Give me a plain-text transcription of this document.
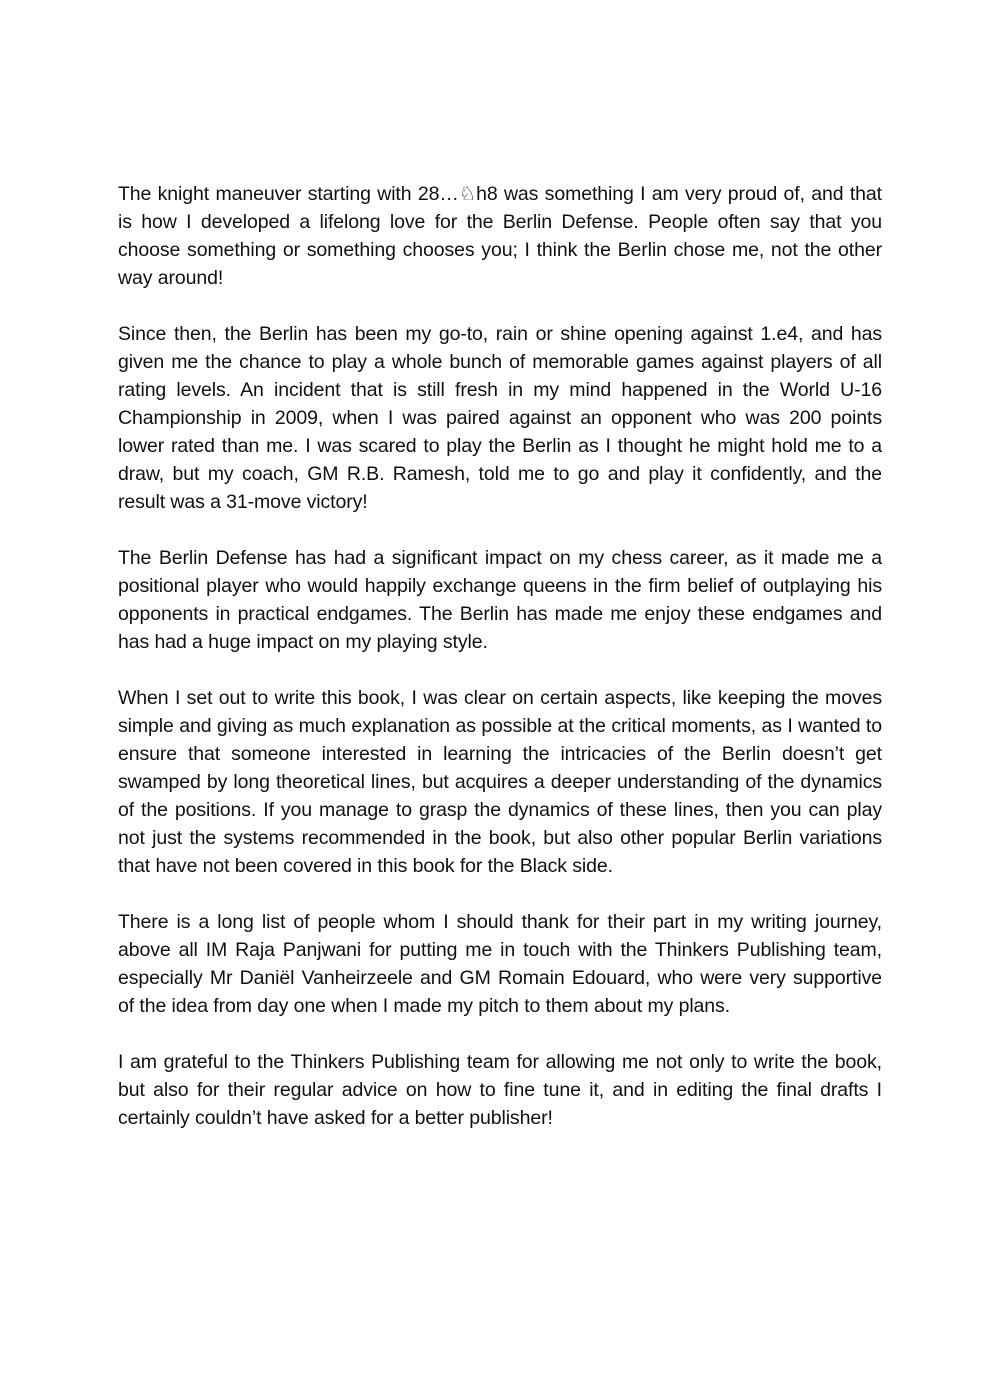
The knight maneuver starting with 28…♘h8 was something I am very proud of, and that is how I developed a lifelong love for the Berlin Defense. People often say that you choose something or something chooses you; I think the Berlin chose me, not the other way around!

Since then, the Berlin has been my go-to, rain or shine opening against 1.e4, and has given me the chance to play a whole bunch of memorable games against players of all rating levels. An incident that is still fresh in my mind happened in the World U-16 Championship in 2009, when I was paired against an opponent who was 200 points lower rated than me. I was scared to play the Berlin as I thought he might hold me to a draw, but my coach, GM R.B. Ramesh, told me to go and play it confidently, and the result was a 31-move victory!

The Berlin Defense has had a significant impact on my chess career, as it made me a positional player who would happily exchange queens in the firm belief of outplaying his opponents in practical endgames. The Berlin has made me enjoy these endgames and has had a huge impact on my playing style.

When I set out to write this book, I was clear on certain aspects, like keeping the moves simple and giving as much explanation as possible at the critical moments, as I wanted to ensure that someone interested in learning the intricacies of the Berlin doesn’t get swamped by long theoretical lines, but acquires a deeper understanding of the dynamics of the positions. If you manage to grasp the dynamics of these lines, then you can play not just the systems recommended in the book, but also other popular Berlin variations that have not been covered in this book for the Black side.

There is a long list of people whom I should thank for their part in my writing journey, above all IM Raja Panjwani for putting me in touch with the Thinkers Publishing team, especially Mr Daniël Vanheirzeele and GM Romain Edouard, who were very supportive of the idea from day one when I made my pitch to them about my plans.

I am grateful to the Thinkers Publishing team for allowing me not only to write the book, but also for their regular advice on how to fine tune it, and in editing the final drafts I certainly couldn’t have asked for a better publisher!
